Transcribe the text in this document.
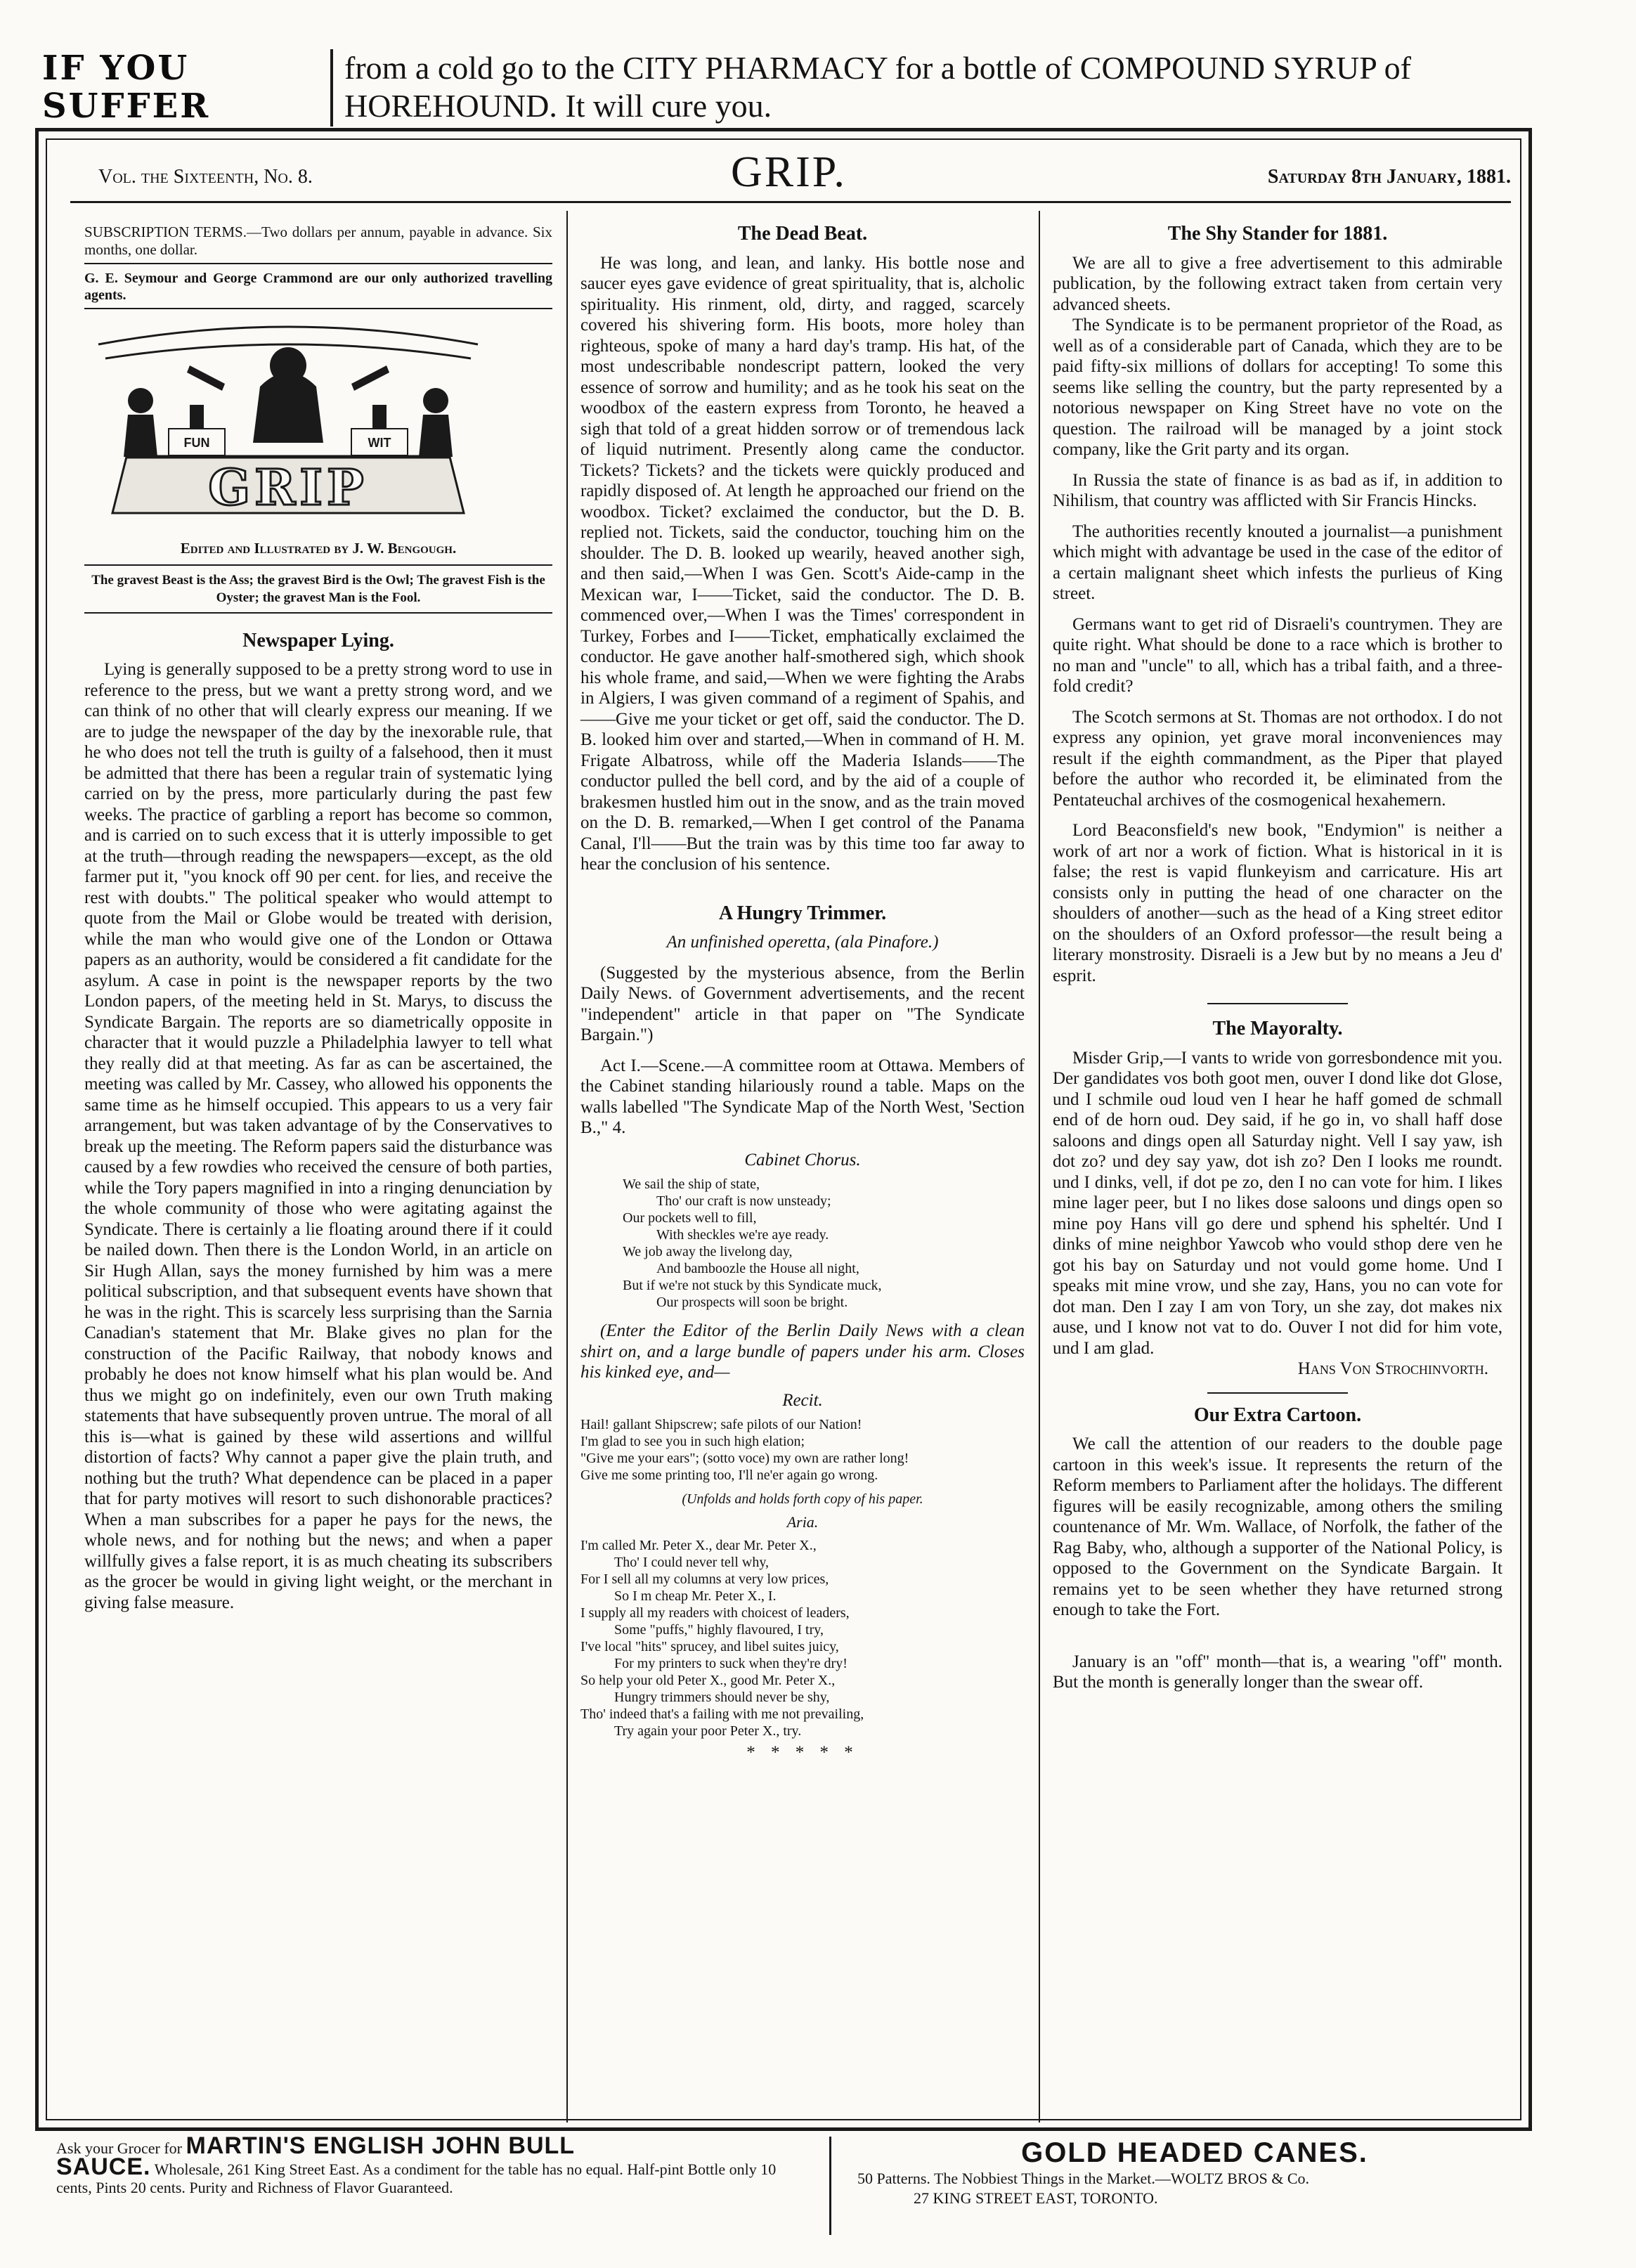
IF YOU
SUFFER
from a cold go to the CITY PHARMACY for a bottle of COMPOUND SYRUP of
HOREHOUND. It will cure you.
Vol. the Sixteenth, No. 8.	GRIP.	Saturday 8th January, 1881.
SUBSCRIPTION TERMS.—Two dollars per annum, payable in advance. Six months, one dollar.
G. E. Seymour and George Crammond are our only authorized travelling agents.
FUN	WIT
GRIP
Edited and Illustrated by J. W. Bengough.
The gravest Beast is the Ass; the gravest Bird is the Owl; The gravest Fish is the Oyster; the gravest Man is the Fool.
Newspaper Lying.

Lying is generally supposed to be a pretty strong word to use in reference to the press, but we want a pretty strong word, and we can think of no other that will clearly express our meaning. If we are to judge the newspaper of the day by the inexorable rule, that he who does not tell the truth is guilty of a falsehood, then it must be admitted that there has been a regular train of systematic lying carried on by the press, more particularly during the past few weeks. The practice of garbling a report has become so common, and is carried on to such excess that it is utterly impossible to get at the truth—through reading the newspapers—except, as the old farmer put it, "you knock off 90 per cent. for lies, and receive the rest with doubts." The political speaker who would attempt to quote from the Mail or Globe would be treated with derision, while the man who would give one of the London or Ottawa papers as an authority, would be considered a fit candidate for the asylum. A case in point is the newspaper reports by the two London papers, of the meeting held in St. Marys, to discuss the Syndicate Bargain. The reports are so diametrically opposite in character that it would puzzle a Philadelphia lawyer to tell what they really did at that meeting. As far as can be ascertained, the meeting was called by Mr. Cassey, who allowed his opponents the same time as he himself occupied. This appears to us a very fair arrangement, but was taken advantage of by the Conservatives to break up the meeting. The Reform papers said the disturbance was caused by a few rowdies who received the censure of both parties, while the Tory papers magnified in into a ringing denunciation by the whole community of those who were agitating against the Syndicate. There is certainly a lie floating around there if it could be nailed down. Then there is the London World, in an article on Sir Hugh Allan, says the money furnished by him was a mere political subscription, and that subsequent events have shown that he was in the right. This is scarcely less surprising than the Sarnia Canadian's statement that Mr. Blake gives no plan for the construction of the Pacific Railway, that nobody knows and probably he does not know himself what his plan would be. And thus we might go on indefinitely, even our own Truth making statements that have subsequently proven untrue. The moral of all this is—what is gained by these wild assertions and willful distortion of facts? Why cannot a paper give the plain truth, and nothing but the truth? What dependence can be placed in a paper that for party motives will resort to such dishonorable practices? When a man subscribes for a paper he pays for the news, the whole news, and for nothing but the news; and when a paper willfully gives a false report, it is as much cheating its subscribers as the grocer be would in giving light weight, or the merchant in giving false measure.

The Dead Beat.

He was long, and lean, and lanky. His bottle nose and saucer eyes gave evidence of great spirituality, that is, alcholic spirituality. His rinment, old, dirty, and ragged, scarcely covered his shivering form. His boots, more holey than righteous, spoke of many a hard day's tramp. His hat, of the most undescribable nondescript pattern, looked the very essence of sorrow and humility; and as he took his seat on the woodbox of the eastern express from Toronto, he heaved a sigh that told of a great hidden sorrow or of tremendous lack of liquid nutriment. Presently along came the conductor. Tickets? Tickets? and the tickets were quickly produced and rapidly disposed of. At length he approached our friend on the woodbox. Ticket? exclaimed the conductor, but the D. B. replied not. Tickets, said the conductor, touching him on the shoulder. The D. B. looked up wearily, heaved another sigh, and then said,—When I was Gen. Scott's Aide-camp in the Mexican war, I——Ticket, said the conductor. The D. B. commenced over,—When I was the Times' correspondent in Turkey, Forbes and I——Ticket, emphatically exclaimed the conductor. He gave another half-smothered sigh, which shook his whole frame, and said,—When we were fighting the Arabs in Algiers, I was given command of a regiment of Spahis, and——Give me your ticket or get off, said the conductor. The D. B. looked him over and started,—When in command of H. M. Frigate Albatross, while off the Maderia Islands——The conductor pulled the bell cord, and by the aid of a couple of brakesmen hustled him out in the snow, and as the train moved on the D. B. remarked,—When I get control of the Panama Canal, I'll——But the train was by this time too far away to hear the conclusion of his sentence.

A Hungry Trimmer.
An unfinished operetta, (ala Pinafore.)

(Suggested by the mysterious absence, from the Berlin Daily News. of Government advertisements, and the recent "independent" article in that paper on "The Syndicate Bargain.")

Act I.—Scene.—A committee room at Ottawa. Members of the Cabinet standing hilariously round a table. Maps on the walls labelled "The Syndicate Map of the North West, 'Section B.," 4.

Cabinet Chorus.
We sail the ship of state,
Tho' our craft is now unsteady;
Our pockets well to fill,
With sheckles we're aye ready.
We job away the livelong day,
And bamboozle the House all night,
But if we're not stuck by this Syndicate muck,
Our prospects will soon be bright.

(Enter the Editor of the Berlin Daily News with a clean shirt on, and a large bundle of papers under his arm. Closes his kinked eye, and—

Recit.
Hail! gallant Shipscrew; safe pilots of our Nation!
I'm glad to see you in such high elation;
"Give me your ears"; (sotto voce) my own are rather long!
Give me some printing too, I'll ne'er again go wrong.
(Unfolds and holds forth copy of his paper.
Aria.
I'm called Mr. Peter X., dear Mr. Peter X.,
Tho' I could never tell why,
For I sell all my columns at very low prices,
So I m cheap Mr. Peter X., I.
I supply all my readers with choicest of leaders,
Some "puffs," highly flavoured, I try,
I've local "hits" sprucey, and libel suites juicy,
For my printers to suck when they're dry!
So help your old Peter X., good Mr. Peter X.,
Hungry trimmers should never be shy,
Tho' indeed that's a failing with me not prevailing,
Try again your poor Peter X., try.
* * * * *
The Shy Stander for 1881.

We are all to give a free advertisement to this admirable publication, by the following extract taken from certain very advanced sheets.

The Syndicate is to be permanent proprietor of the Road, as well as of a considerable part of Canada, which they are to be paid fifty-six millions of dollars for accepting! To some this seems like selling the country, but the party represented by a notorious newspaper on King Street have no vote on the question. The railroad will be managed by a joint stock company, like the Grit party and its organ.

In Russia the state of finance is as bad as if, in addition to Nihilism, that country was afflicted with Sir Francis Hincks.

The authorities recently knouted a journalist—a punishment which might with advantage be used in the case of the editor of a certain malignant sheet which infests the purlieus of King street.

Germans want to get rid of Disraeli's countrymen. They are quite right. What should be done to a race which is brother to no man and "uncle" to all, which has a tribal faith, and a three-fold credit?

The Scotch sermons at St. Thomas are not orthodox. I do not express any opinion, yet grave moral inconveniences may result if the eighth commandment, as the Piper that played before the author who recorded it, be eliminated from the Pentateuchal archives of the cosmogenical hexahemern.

Lord Beaconsfield's new book, "Endymion" is neither a work of art nor a work of fiction. What is historical in it is false; the rest is vapid flunkeyism and carricature. His art consists only in putting the head of one character on the shoulders of another—such as the head of a King street editor on the shoulders of an Oxford professor—the result being a literary monstrosity. Disraeli is a Jew but by no means a Jeu d' esprit.

The Mayoralty.

Misder Grip,—I vants to wride von gorresbondence mit you. Der gandidates vos both goot men, ouver I dond like dot Glose, und I schmile oud loud ven I hear he haff gomed de schmall end of de horn oud. Dey said, if he go in, vo shall haff dose saloons and dings open all Saturday night. Vell I say yaw, ish dot zo? und dey say yaw, dot ish zo? Den I looks me roundt. und I dinks, vell, if dot pe zo, den I no can vote for him. I likes mine lager peer, but I no likes dose saloons und dings open so mine poy Hans vill go dere und sphend his spheltér. Und I dinks of mine neighbor Yawcob who vould sthop dere ven he got his bay on Saturday und not vould gome home. Und I speaks mit mine vrow, und she zay, Hans, you no can vote for dot man. Den I zay I am von Tory, un she zay, dot makes nix ause, und I know not vat to do. Ouver I not did for him vote, und I am glad.

Hans Von Strochinvorth.
Our Extra Cartoon.

We call the attention of our readers to the double page cartoon in this week's issue. It represents the return of the Reform members to Parliament after the holidays. The different figures will be easily recognizable, among others the smiling countenance of Mr. Wm. Wallace, of Norfolk, the father of the Rag Baby, who, although a supporter of the National Policy, is opposed to the Government on the Syndicate Bargain. It remains yet to be seen whether they have returned strong enough to take the Fort.

January is an "off" month—that is, a wearing "off" month. But the month is generally longer than the swear off.

Ask your Grocer for MARTIN'S ENGLISH JOHN BULL
SAUCE. Wholesale, 261 King Street East. As a condiment for the table has no equal. Half-pint Bottle only 10 cents, Pints 20 cents. Purity and Richness of Flavor Guaranteed.
GOLD HEADED CANES.
50 Patterns. The Nobbiest Things in the Market.—WOLTZ BROS & Co.
27 KING STREET EAST, TORONTO.
